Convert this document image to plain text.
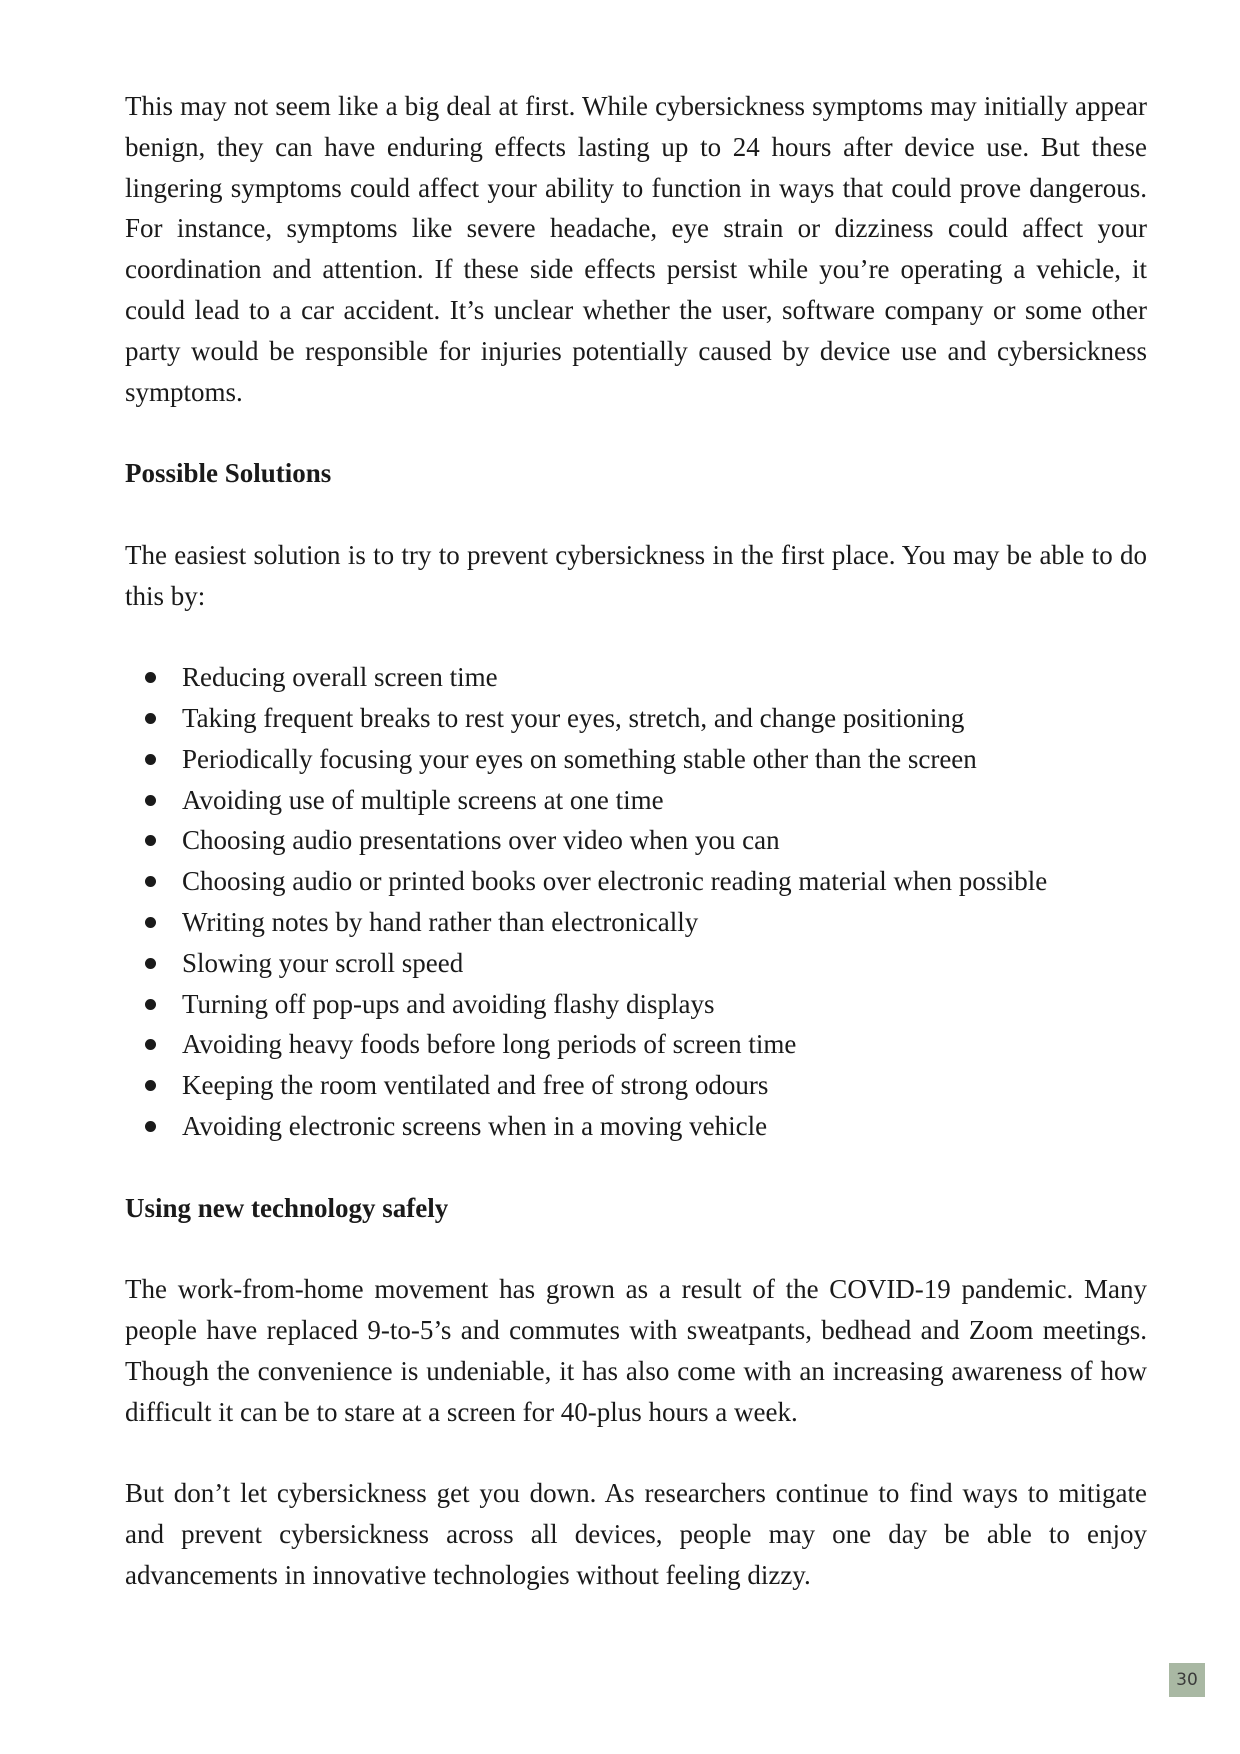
This may not seem like a big deal at first. While cybersickness symptoms may initially appear benign, they can have enduring effects lasting up to 24 hours after device use. But these lingering symptoms could affect your ability to function in ways that could prove dangerous. For instance, symptoms like severe headache, eye strain or dizziness could affect your coordination and attention. If these side effects persist while you’re operating a vehicle, it could lead to a car accident. It’s unclear whether the user, software company or some other party would be responsible for injuries potentially caused by device use and cybersickness symptoms.

Possible Solutions

The easiest solution is to try to prevent cybersickness in the first place. You may be able to do this by:

Reducing overall screen time
Taking frequent breaks to rest your eyes, stretch, and change positioning
Periodically focusing your eyes on something stable other than the screen
Avoiding use of multiple screens at one time
Choosing audio presentations over video when you can
Choosing audio or printed books over electronic reading material when possible
Writing notes by hand rather than electronically
Slowing your scroll speed
Turning off pop-ups and avoiding flashy displays
Avoiding heavy foods before long periods of screen time
Keeping the room ventilated and free of strong odours
Avoiding electronic screens when in a moving vehicle

Using new technology safely

The work-from-home movement has grown as a result of the COVID-19 pandemic. Many people have replaced 9-to-5’s and commutes with sweatpants, bedhead and Zoom meetings. Though the convenience is undeniable, it has also come with an increasing awareness of how difficult it can be to stare at a screen for 40-plus hours a week.

But don’t let cybersickness get you down. As researchers continue to find ways to mitigate and prevent cybersickness across all devices, people may one day be able to enjoy advancements in innovative technologies without feeling dizzy.

30
